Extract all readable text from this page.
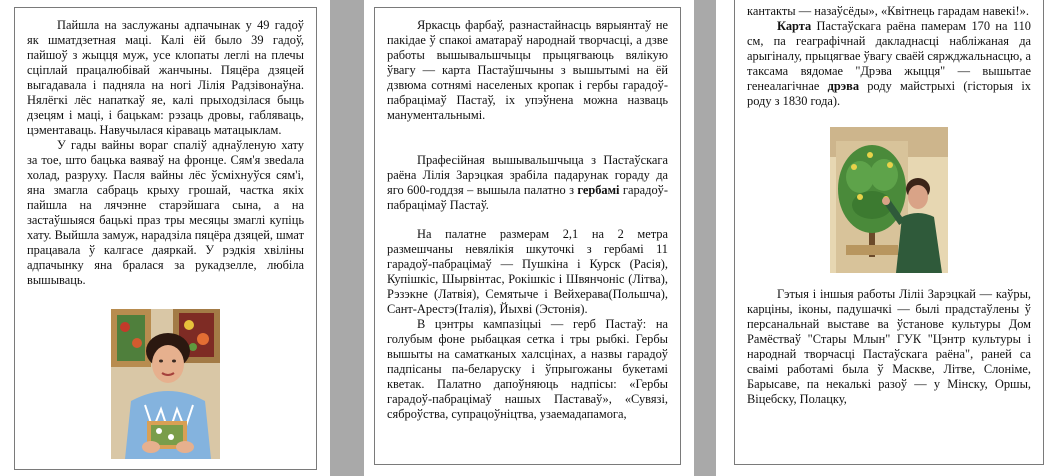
Пайшла на заслужаны адпачынак у 49 гадоў як шматдзетная маці. Калі ёй было 39 гадоў, пайшоў з жыцця муж, усе клопаты леглі на плечы сціплай працалюбівай жанчыны. Пяцёра дзяцей выгадавала і падняла на ногі Лілія Радзівонаўна. Нялёгкі лёс напаткаў яе, калі прыходзілася быць дзецям і маці, і бацькам: рэзаць дровы, габляваць, цэментаваць. Навучылася кіраваць матацыклам.

У гады вайны вораг спаліў аднаўленую хату за тое, што бацька ваяваў на фронце. Сям'я звedала холад, разруху. Пасля вайны лёс ўсміхнуўся сям'і, яна змагла сабраць крыху грошай, частка якіх пайшла на лячэнне старэйшага сына, а на застаўшыяся бацькі праз тры месяцы змаглі купіць хату. Выйшла замуж, нарадзіла пяцёра дзяцей, шмат працавала ў калгасе даяркай. У рэдкія хвіліны адпачынку яна бралася за рукадзелле, любіла вышываць.

Яркасць фарбаў, разнастайнасць вярыянтаў не пакідае ў спакоі аматараў народнай творчасці, а дзве работы вышывальшчыцы прыцягваюць вялікую ўвагу — карта Пастаўшчыны з вышытымі на ёй дзвюма сотнямі населеных кропак і гербы гарадоў-пабрацімаў Пастаў, іх упэўнена можна назваць манументальнымі.

Прафесійная вышывальшчыца з Пастаўскага раёна Лілія Зарэцкая зрабіла падарунак гораду да яго 600-годдзя – вышыла палатно з гербамі гарадоў-пабрацімаў Пастаў.

На палатне размерам 2,1 на 2 метра размешчаны невялікія шкуточкі з гербамі 11 гарадоў-пабрацімаў — Пушкіна і Курск (Расія), Купішкіс, Шырвінтас, Рокішкіс і Швянчоніс (Літва), Рэзэкне (Латвія), Семятыче і Вейхерава(Польшча), Сант-Арестэ(Італія), Йыхві (Эстонія).

В цэнтры кампазіцыі — герб Пастаў: на голубым фоне рыбацкая сетка і тры рыбкі. Гербы вышыты на саматканых халсцінах, а назвы гарадоў падпісаны па-беларуску і ўпрыгожаны букетамі кветак. Палатно дапоўняюць надпісы: «Гербы гарадоў-пабрацімаў нашых Паставаў», «Сувязі, сяброўства, супрацоўніцтва, узаемадапамога,

кантакты — назаўсёды», «Квітнець гарадам навекі!».

Карта Пастаўскага раёна памерам 170 на 110 см, па геаграфічнай дакладнасці набліжаная да арыгіналу, прыцягвае ўвагу сваёй сяржджальнасцю, а таксама вядомае "Дрэва жыцця" — вышытае генеалагічнае дрэва роду майстрыхі (гісторыя іх роду з 1830 года).

Гэтыя і іншыя работы Ліліі Зарэцкай — каўры, карціны, іконы, падушачкі — былі прадстаўлены ў персанальнай выставе ва ўстанове культуры Дом Рамёстваў "Стары Млын" ГУК "Цэнтр культуры і народнай творчасці Пастаўскага раёна", раней са сваімі работамі была ў Маскве, Літве, Слоніме, Барысаве, па некалькі разоў — у Мінску, Оршы, Віцебску, Полацку,
